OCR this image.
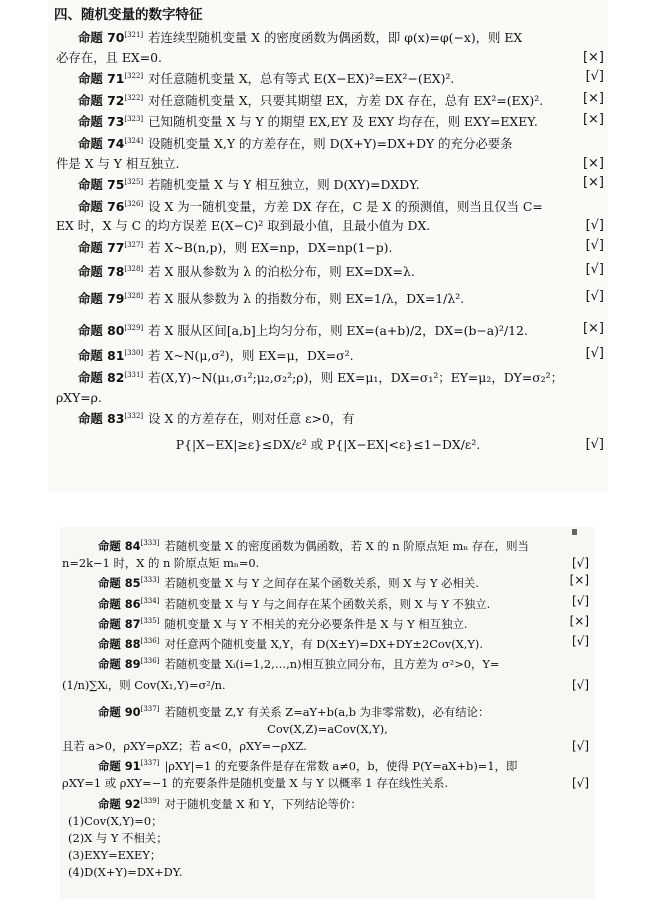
四、随机变量的数字特征
命题 70[321] 若连续型随机变量 X 的密度函数为偶函数，即 φ(x)=φ(−x)，则 EX
必存在，且 EX=0.	[×]
命题 71[322] 对任意随机变量 X，总有等式 E(X−EX)²=EX²−(EX)².	[√]
命题 72[322] 对任意随机变量 X，只要其期望 EX，方差 DX 存在，总有 EX²=(EX)².	[×]
命题 73[323] 已知随机变量 X 与 Y 的期望 EX,EY 及 EXY 均存在，则 EXY=EXEY.	[×]
命题 74[324] 设随机变量 X,Y 的方差存在，则 D(X+Y)=DX+DY 的充分必要条
件是 X 与 Y 相互独立.	[×]
命题 75[325] 若随机变量 X 与 Y 相互独立，则 D(XY)=DXDY.	[×]
命题 76[326] 设 X 为一随机变量，方差 DX 存在，C 是 X 的预测值，则当且仅当 C=
EX 时，X 与 C 的均方误差 E(X−C)² 取到最小值，且最小值为 DX.	[√]
命题 77[327] 若 X~B(n,p)，则 EX=np，DX=np(1−p).	[√]
命题 78[328] 若 X 服从参数为 λ 的泊松分布，则 EX=DX=λ.	[√]
命题 79[328] 若 X 服从参数为 λ 的指数分布，则 EX=1/λ，DX=1/λ².	[√]
命题 80[329] 若 X 服从区间[a,b]上均匀分布，则 EX=(a+b)/2，DX=(b−a)²/12.	[×]
命题 81[330] 若 X~N(μ,σ²)，则 EX=μ，DX=σ².	[√]
命题 82[331] 若(X,Y)~N(μ₁,σ₁²;μ₂,σ₂²;ρ)，则 EX=μ₁，DX=σ₁²；EY=μ₂，DY=σ₂²；
ρXY=ρ.
命题 83[332] 设 X 的方差存在，则对任意 ε>0，有
P{|X−EX|≥ε}≤DX/ε² 或 P{|X−EX|<ε}≤1−DX/ε².	[√]
命题 84[333] 若随机变量 X 的密度函数为偶函数，若 X 的 n 阶原点矩 mₙ 存在，则当
n=2k−1 时，X 的 n 阶原点矩 mₙ=0.	[√]
命题 85[333] 若随机变量 X 与 Y 之间存在某个函数关系，则 X 与 Y 必相关.	[×]
命题 86[334] 若随机变量 X 与 Y 与之间存在某个函数关系，则 X 与 Y 不独立.	[√]
命题 87[335] 随机变量 X 与 Y 不相关的充分必要条件是 X 与 Y 相互独立.	[×]
命题 88[336] 对任意两个随机变量 X,Y，有 D(X±Y)=DX+DY±2Cov(X,Y).	[√]
命题 89[336] 若随机变量 Xᵢ(i=1,2,…,n)相互独立同分布，且方差为 σ²>0，Y=
(1/n)∑Xᵢ，则 Cov(X₁,Y)=σ²/n.	[√]
命题 90[337] 若随机变量 Z,Y 有关系 Z=aY+b(a,b 为非零常数)，必有结论：
Cov(X,Z)=aCov(X,Y),
且若 a>0，ρXY=ρXZ；若 a<0，ρXY=−ρXZ.	[√]
命题 91[337] |ρXY|=1 的充要条件是存在常数 a≠0，b，使得 P(Y=aX+b)=1，即
ρXY=1 或 ρXY=−1 的充要条件是随机变量 X 与 Y 以概率 1 存在线性关系.	[√]
命题 92[339] 对于随机变量 X 和 Y，下列结论等价：
(1)Cov(X,Y)=0；
(2)X 与 Y 不相关；
(3)EXY=EXEY；
(4)D(X+Y)=DX+DY.
